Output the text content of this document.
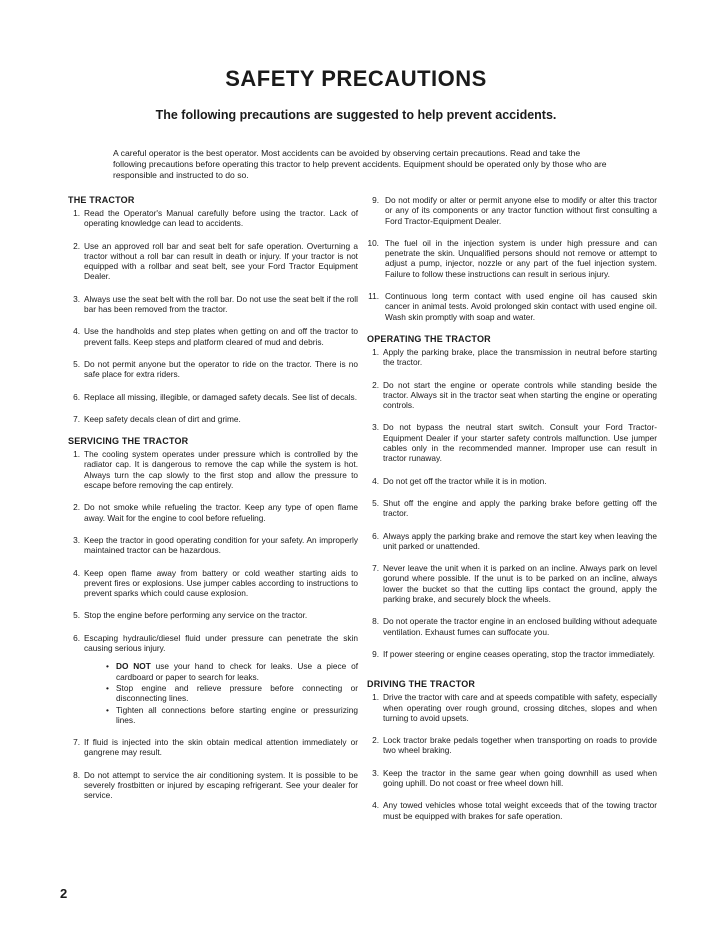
SAFETY PRECAUTIONS
The following precautions are suggested to help prevent accidents.
A careful operator is the best operator. Most accidents can be avoided by observing certain precautions. Read and take the following precautions before operating this tractor to help prevent accidents. Equipment should be operated only by those who are responsible and instructed to do so.
THE TRACTOR
1. Read the Operator's Manual carefully before using the tractor. Lack of operating knowledge can lead to accidents.
2. Use an approved roll bar and seat belt for safe operation. Overturning a tractor without a roll bar can result in death or injury. If your tractor is not equipped with a rollbar and seat belt, see your Ford Tractor Equipment Dealer.
3. Always use the seat belt with the roll bar. Do not use the seat belt if the roll bar has been removed from the tractor.
4. Use the handholds and step plates when getting on and off the tractor to prevent falls. Keep steps and platform cleared of mud and debris.
5. Do not permit anyone but the operator to ride on the tractor. There is no safe place for extra riders.
6. Replace all missing, illegible, or damaged safety decals. See list of decals.
7. Keep safety decals clean of dirt and grime.
SERVICING THE TRACTOR
1. The cooling system operates under pressure which is controlled by the radiator cap. It is dangerous to remove the cap while the system is hot. Always turn the cap slowly to the first stop and allow the pressure to escape before removing the cap entirely.
2. Do not smoke while refueling the tractor. Keep any type of open flame away. Wait for the engine to cool before refueling.
3. Keep the tractor in good operating condition for your safety. An improperly maintained tractor can be hazardous.
4. Keep open flame away from battery or cold weather starting aids to prevent fires or explosions. Use jumper cables according to instructions to prevent sparks which could cause explosion.
5. Stop the engine before performing any service on the tractor.
6. Escaping hydraulic/diesel fluid under pressure can penetrate the skin causing serious injury.
• DO NOT use your hand to check for leaks. Use a piece of cardboard or paper to search for leaks.
• Stop engine and relieve pressure before connecting or disconnecting lines.
• Tighten all connections before starting engine or pressurizing lines.
7. If fluid is injected into the skin obtain medical attention immediately or gangrene may result.
8. Do not attempt to service the air conditioning system. It is possible to be severely frostbitten or injured by escaping refrigerant. See your dealer for service.
9. Do not modify or alter or permit anyone else to modify or alter this tractor or any of its components or any tractor function without first consulting a Ford Tractor-Equipment Dealer.
10. The fuel oil in the injection system is under high pressure and can penetrate the skin. Unqualified persons should not remove or attempt to adjust a pump, injector, nozzle or any part of the fuel injection system. Failure to follow these instructions can result in serious injury.
11. Continuous long term contact with used engine oil has caused skin cancer in animal tests. Avoid prolonged skin contact with used engine oil. Wash skin promptly with soap and water.
OPERATING THE TRACTOR
1. Apply the parking brake, place the transmission in neutral before starting the tractor.
2. Do not start the engine or operate controls while standing beside the tractor. Always sit in the tractor seat when starting the engine or operating controls.
3. Do not bypass the neutral start switch. Consult your Ford Tractor-Equipment Dealer if your starter safety controls malfunction. Use jumper cables only in the recommended manner. Improper use can result in tractor runaway.
4. Do not get off the tractor while it is in motion.
5. Shut off the engine and apply the parking brake before getting off the tractor.
6. Always apply the parking brake and remove the start key when leaving the unit parked or unattended.
7. Never leave the unit when it is parked on an incline. Always park on level gorund where possible. If the unut is to be parked on an incline, always lower the bucket so that the cutting lips contact the ground, apply the parking brake, and securely block the wheels.
8. Do not operate the tractor engine in an enclosed building without adequate ventilation. Exhaust fumes can suffocate you.
9. If power steering or engine ceases operating, stop the tractor immediately.
DRIVING THE TRACTOR
1. Drive the tractor with care and at speeds compatible with safety, especially when operating over rough ground, crossing ditches, slopes and when turning to avoid upsets.
2. Lock tractor brake pedals together when transporting on roads to provide two wheel braking.
3. Keep the tractor in the same gear when going downhill as used when going uphill. Do not coast or free wheel down hill.
4. Any towed vehicles whose total weight exceeds that of the towing tractor must be equipped with brakes for safe operation.
2
